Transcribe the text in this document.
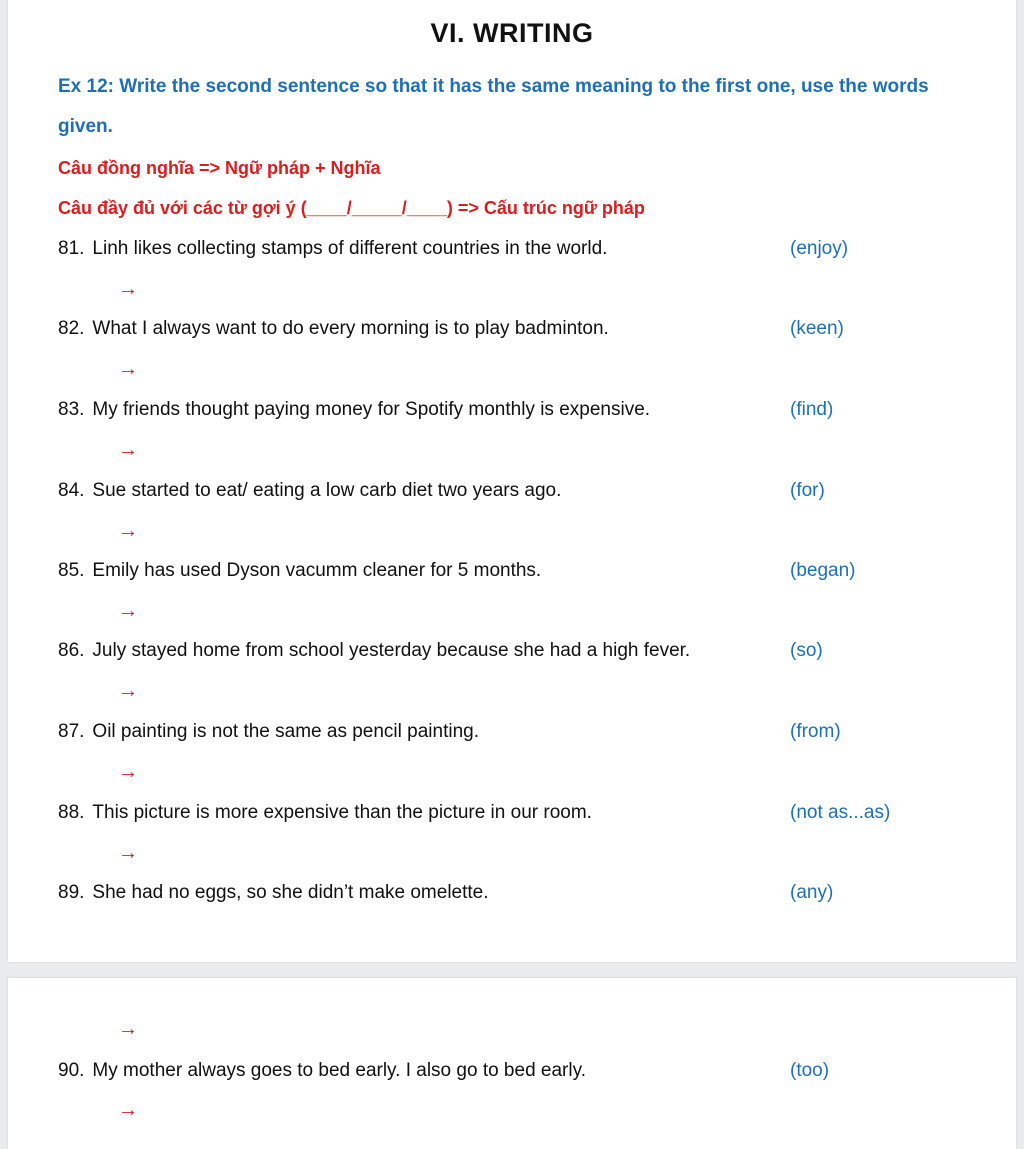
VI. WRITING
Ex 12: Write the second sentence so that it has the same meaning to the first one, use the words given.
Câu đồng nghĩa => Ngữ pháp + Nghĩa
Câu đầy đủ với các từ gợi ý (____/_____/____) => Cấu trúc ngữ pháp
81. Linh likes collecting stamps of different countries in the world.	(enjoy)
→
82. What I always want to do every morning is to play badminton.	(keen)
→
83. My friends thought paying money for Spotify monthly is expensive.	(find)
→
84. Sue started to eat/ eating a low carb diet two years ago.	(for)
→
85. Emily has used Dyson vacumm cleaner for 5 months.	(began)
→
86. July stayed home from school yesterday because she had a high fever.	(so)
→
87. Oil painting is not the same as pencil painting.	(from)
→
88. This picture is more expensive than the picture in our room.	(not as...as)
→
89. She had no eggs, so she didn’t make omelette.	(any)
→
90. My mother always goes to bed early. I also go to bed early.	(too)
→
